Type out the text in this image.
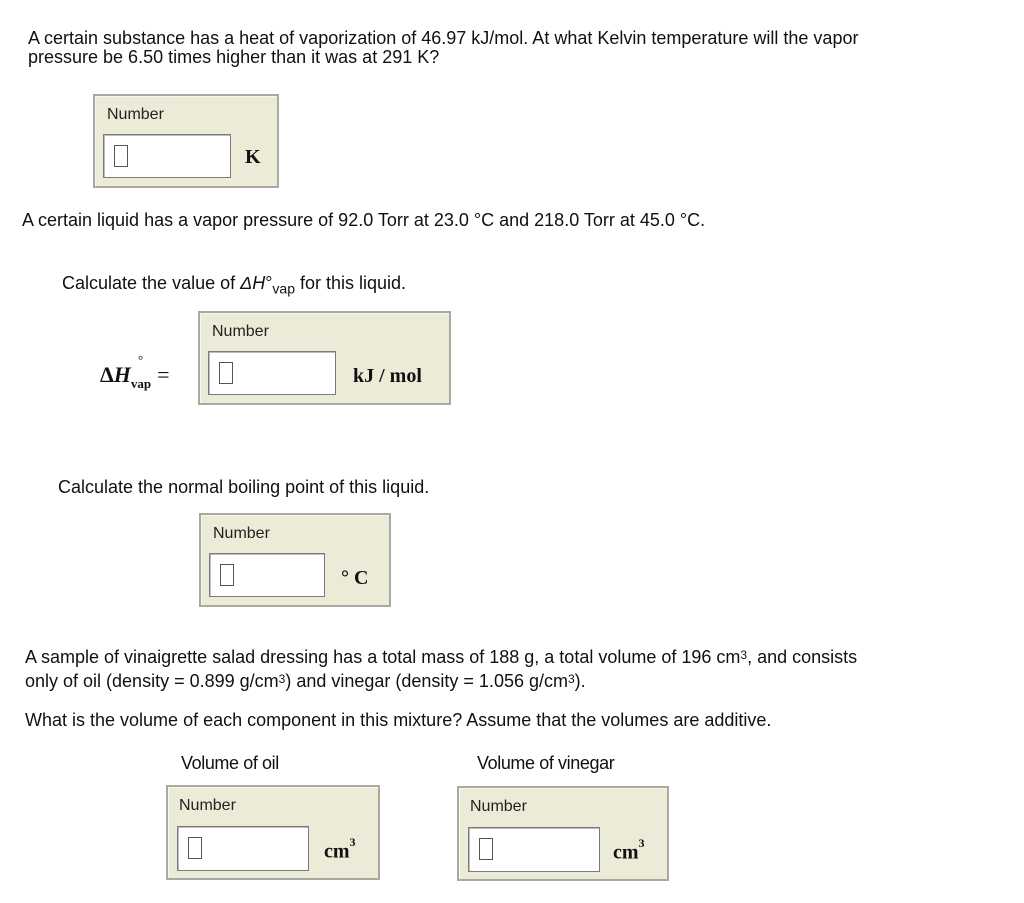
A certain substance has a heat of vaporization of 46.97 kJ/mol. At what Kelvin temperature will the vapor
pressure be 6.50 times higher than it was at 291 K?
Number
K
A certain liquid has a vapor pressure of 92.0 Torr at 23.0 °C and 218.0 Torr at 45.0 °C.
Calculate the value of $\Delta H^\circ_{vap}$ for this liquid.
ΔH
°
$_{vap}$ =
Number
kJ / mol
Calculate the normal boiling point of this liquid.
Number
° C
A sample of vinaigrette salad dressing has a total mass of 188 g, a total volume of 196 $cm^3$, and consists
only of oil (density = 0.899 $g/cm^3$) and vinegar (density = 1.056 $g/cm^3$).
What is the volume of each component in this mixture? Assume that the volumes are additive.
Volume of oil	Volume of vinegar
Number
$cm^3$
Number
$cm^3$
